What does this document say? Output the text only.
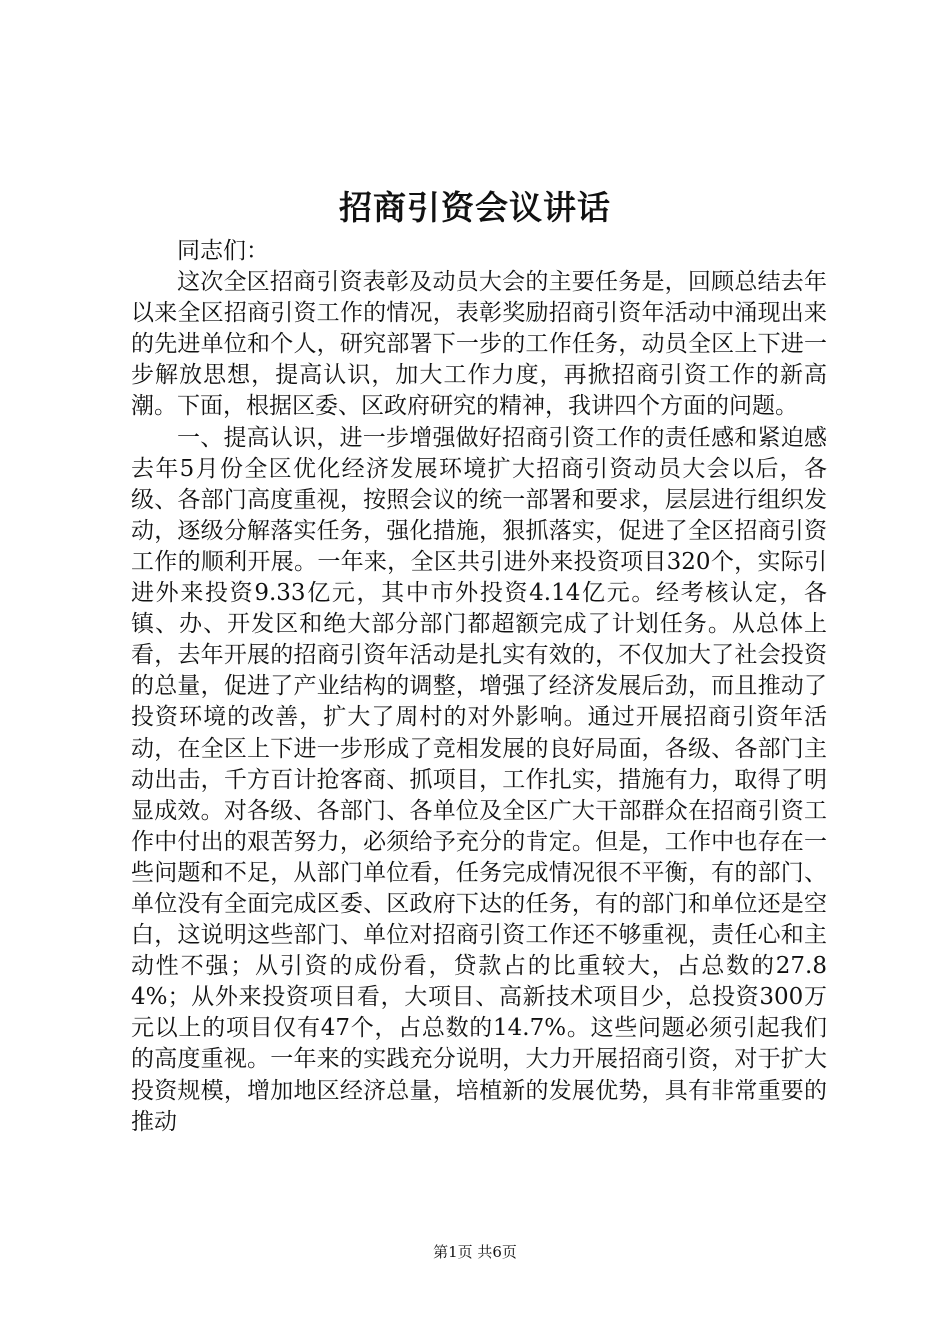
招商引资会议讲话

同志们：

这次全区招商引资表彰及动员大会的主要任务是，回顾总结去年以来全区招商引资工作的情况，表彰奖励招商引资年活动中涌现出来的先进单位和个人，研究部署下一步的工作任务，动员全区上下进一步解放思想，提高认识，加大工作力度，再掀招商引资工作的新高潮。下面，根据区委、区政府研究的精神，我讲四个方面的问题。

一、提高认识，进一步增强做好招商引资工作的责任感和紧迫感去年5月份全区优化经济发展环境扩大招商引资动员大会以后，各级、各部门高度重视，按照会议的统一部署和要求，层层进行组织发动，逐级分解落实任务，强化措施，狠抓落实，促进了全区招商引资工作的顺利开展。一年来，全区共引进外来投资项目320个，实际引进外来投资9.33亿元，其中市外投资4.14亿元。经考核认定，各镇、办、开发区和绝大部分部门都超额完成了计划任务。从总体上看，去年开展的招商引资年活动是扎实有效的，不仅加大了社会投资的总量，促进了产业结构的调整，增强了经济发展后劲，而且推动了投资环境的改善，扩大了周村的对外影响。通过开展招商引资年活动，在全区上下进一步形成了竞相发展的良好局面，各级、各部门主动出击，千方百计抢客商、抓项目，工作扎实，措施有力，取得了明显成效。对各级、各部门、各单位及全区广大干部群众在招商引资工作中付出的艰苦努力，必须给予充分的肯定。但是，工作中也存在一些问题和不足，从部门单位看，任务完成情况很不平衡，有的部门、单位没有全面完成区委、区政府下达的任务，有的部门和单位还是空白，这说明这些部门、单位对招商引资工作还不够重视，责任心和主动性不强；从引资的成份看，贷款占的比重较大，占总数的27.84%；从外来投资项目看，大项目、高新技术项目少，总投资300万元以上的项目仅有47个，占总数的14.7%。这些问题必须引起我们的高度重视。一年来的实践充分说明，大力开展招商引资，对于扩大投资规模，增加地区经济总量，培植新的发展优势，具有非常重要的推动

第1页 共6页
